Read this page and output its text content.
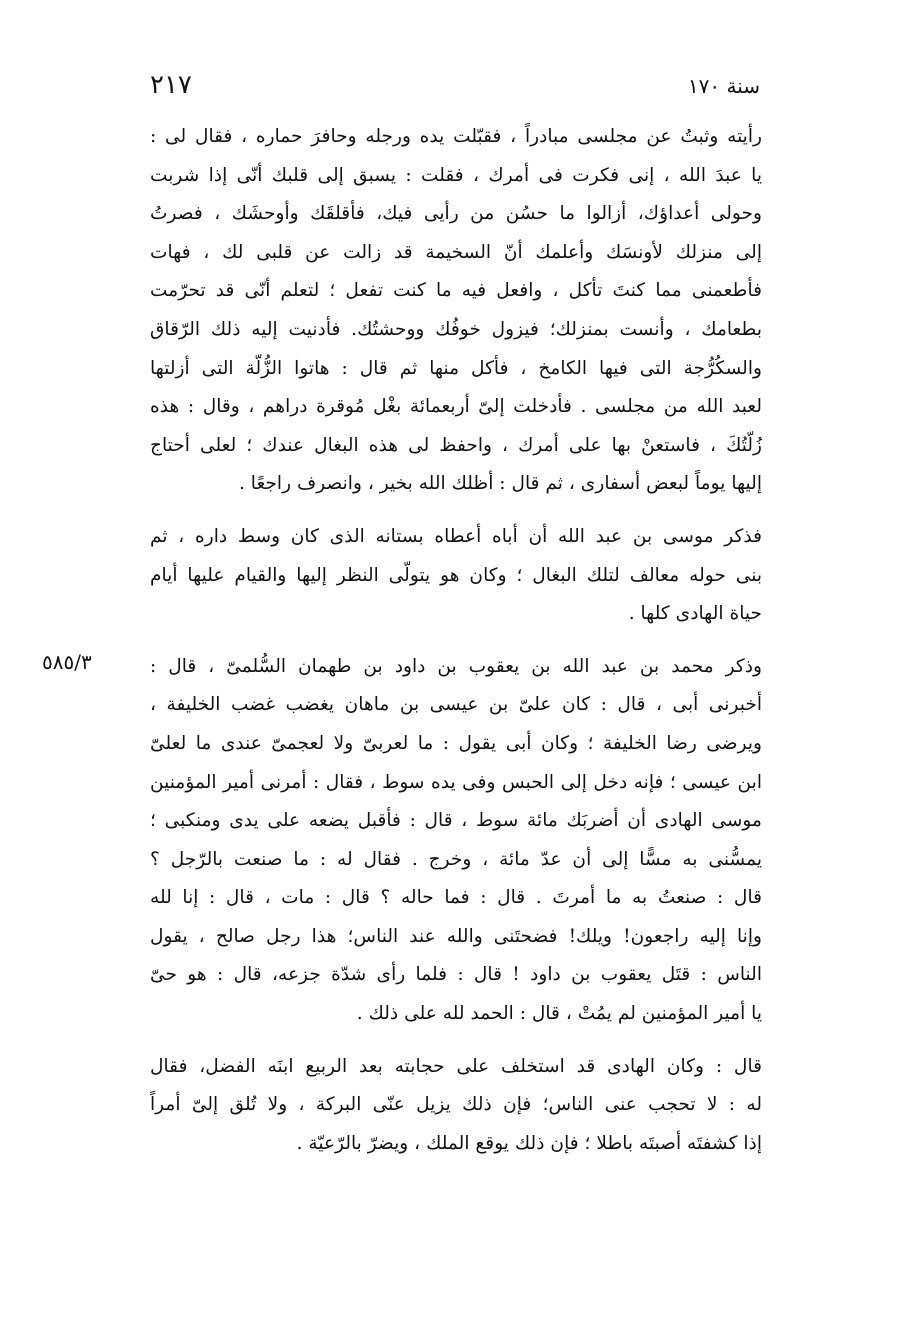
سنة ١٧٠
٢١٧
٥٨٥/٣
رأيته وثبتُ عن مجلسى مبادراً ، فقبّلت يده ورجله وحافرَ حماره ، فقال لى :
يا عبدَ الله ، إنى فكرت فى أمرك ، فقلت : يسبق إلى قلبك أنّى إذا شربت
وحولى أعداؤك، أزالوا ما حسُن من رأيى فيك، فأقلقَك وأوحشَك ، فصرتُ
إلى منزلك لأونسَك وأعلمك أنّ السخيمة قد زالت عن قلبى لك ، فهات
فأطعمنى مما كنتَ تأكل ، وافعل فيه ما كنت تفعل ؛ لتعلم أنّى قد تحرّمت
بطعامك ، وأنست بمنزلك؛ فيزول خوفُك ووحشتُك. فأدنيت إليه ذلك الرّقاق
والسكُرُّجة التى فيها الكامخ ، فأكل منها ثم قال : هاتوا الزُّلّة التى أزلتها
لعبد الله من مجلسى . فأدخلت إلىّ أربعمائة بغْل مُوقرة دراهم ، وقال : هذه
زُلّتُكَ ، فاستعنْ بها على أمرك ، واحفظ لى هذه البغال عندك ؛ لعلى أحتاج
إليها يوماً لبعض أسفارى ، ثم قال : أظلك الله بخير ، وانصرف راجعًا .
فذكر موسى بن عبد الله أن أباه أعطاه بستانه الذى كان وسط داره ، ثم
بنى حوله معالف لتلك البغال ؛ وكان هو يتولّى النظر إليها والقيام عليها أيام
حياة الهادى كلها .
وذكر محمد بن عبد الله بن يعقوب بن داود بن طهمان السُّلمىّ ، قال :
أخبرنى أبى ، قال : كان علىّ بن عيسى بن ماهان يغضب غضب الخليفة ،
ويرضى رضا الخليفة ؛ وكان أبى يقول : ما لعربىّ ولا لعجمىّ عندى ما لعلىّ
ابن عيسى ؛ فإنه دخل إلى الحبس وفى يده سوط ، فقال : أمرنى أمير المؤمنين
موسى الهادى أن أضربَك مائة سوط ، قال : فأقبل يضعه على يدى ومنكبى ؛
يمسُّنى به مسًّا إلى أن عدّ مائة ، وخرج . فقال له : ما صنعت بالرّجل ؟
قال : صنعتُ به ما أمرتَ . قال : فما حاله ؟ قال : مات ، قال : إنا لله
وإنا إليه راجعون! ويلك! فضحتَنى والله عند الناس؛ هذا رجل صالح ، يقول
الناس : قتَل يعقوب بن داود ! قال : فلما رأى شدّة جزعه، قال : هو حىّ
يا أمير المؤمنين لم يمُتْ ، قال : الحمد لله على ذلك .
قال : وكان الهادى قد استخلف على حجابته بعد الربيع ابنَه الفضل، فقال
له : لا تحجب عنى الناس؛ فإن ذلك يزيل عنّى البركة ، ولا تُلق إلىّ أمراً
إذا كشفتَه أصبتَه باطلا ؛ فإن ذلك يوقع الملك ، ويضرّ بالرّعيّة .
